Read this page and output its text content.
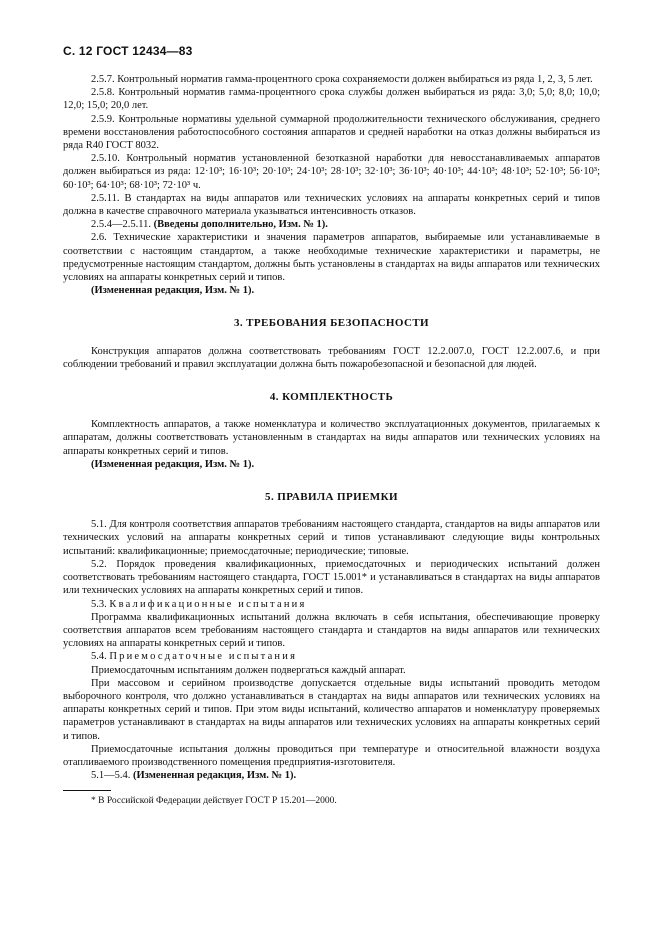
С. 12 ГОСТ 12434—83

2.5.7. Контрольный норматив гамма-процентного срока сохраняемости должен выбираться из ряда 1, 2, 3, 5 лет.

2.5.8. Контрольный норматив гамма-процентного срока службы должен выбираться из ряда: 3,0; 5,0; 8,0; 10,0; 12,0; 15,0; 20,0 лет.

2.5.9. Контрольные нормативы удельной суммарной продолжительности технического обслуживания, среднего времени восстановления работоспособного состояния аппаратов и средней наработки на отказ должны выбираться из ряда R40 ГОСТ 8032.

2.5.10. Контрольный норматив установленной безотказной наработки для невосстанавливаемых аппаратов должен выбираться из ряда: 12·10³; 16·10³; 20·10³; 24·10³; 28·10³; 32·10³; 36·10³; 40·10³; 44·10³; 48·10³; 52·10³; 56·10³; 60·10³; 64·10³; 68·10³; 72·10³ ч.

2.5.11. В стандартах на виды аппаратов или технических условиях на аппараты конкретных серий и типов должна в качестве справочного материала указываться интенсивность отказов.

2.5.4—2.5.11. (Введены дополнительно, Изм. № 1).

2.6. Технические характеристики и значения параметров аппаратов, выбираемые или устанавливаемые в соответствии с настоящим стандартом, а также необходимые технические характеристики и параметры, не предусмотренные настоящим стандартом, должны быть установлены в стандартах на виды аппаратов или технических условиях на аппараты конкретных серий и типов.

(Измененная редакция, Изм. № 1).

3. ТРЕБОВАНИЯ БЕЗОПАСНОСТИ

Конструкция аппаратов должна соответствовать требованиям ГОСТ 12.2.007.0, ГОСТ 12.2.007.6, и при соблюдении требований и правил эксплуатации должна быть пожаробезопасной и безопасной для людей.

4. КОМПЛЕКТНОСТЬ

Комплектность аппаратов, а также номенклатура и количество эксплуатационных документов, прилагаемых к аппаратам, должны соответствовать установленным в стандартах на виды аппаратов или технических условиях на аппараты конкретных серий и типов.

(Измененная редакция, Изм. № 1).

5. ПРАВИЛА ПРИЕМКИ

5.1. Для контроля соответствия аппаратов требованиям настоящего стандарта, стандартов на виды аппаратов или технических условий на аппараты конкретных серий и типов устанавливают следующие виды контрольных испытаний: квалификационные; приемосдаточные; периодические; типовые.

5.2. Порядок проведения квалификационных, приемосдаточных и периодических испытаний должен соответствовать требованиям настоящего стандарта, ГОСТ 15.001* и устанавливаться в стандартах на виды аппаратов или технических условиях на аппараты конкретных серий и типов.

5.3. Квалификационные испытания

Программа квалификационных испытаний должна включать в себя испытания, обеспечивающие проверку соответствия аппаратов всем требованиям настоящего стандарта и стандартов на виды аппаратов или технических условиях на аппараты конкретных серий и типов.

5.4. Приемосдаточные испытания

Приемосдаточным испытаниям должен подвергаться каждый аппарат.

При массовом и серийном производстве допускается отдельные виды испытаний проводить методом выборочного контроля, что должно устанавливаться в стандартах на виды аппаратов или технических условиях на аппараты конкретных серий и типов. При этом виды испытаний, количество аппаратов и номенклатуру проверяемых параметров устанавливают в стандартах на виды аппаратов или технических условиях на аппараты конкретных серий и типов.

Приемосдаточные испытания должны проводиться при температуре и относительной влажности воздуха отапливаемого производственного помещения предприятия-изготовителя.

5.1—5.4. (Измененная редакция, Изм. № 1).

* В Российской Федерации действует ГОСТ Р 15.201—2000.
